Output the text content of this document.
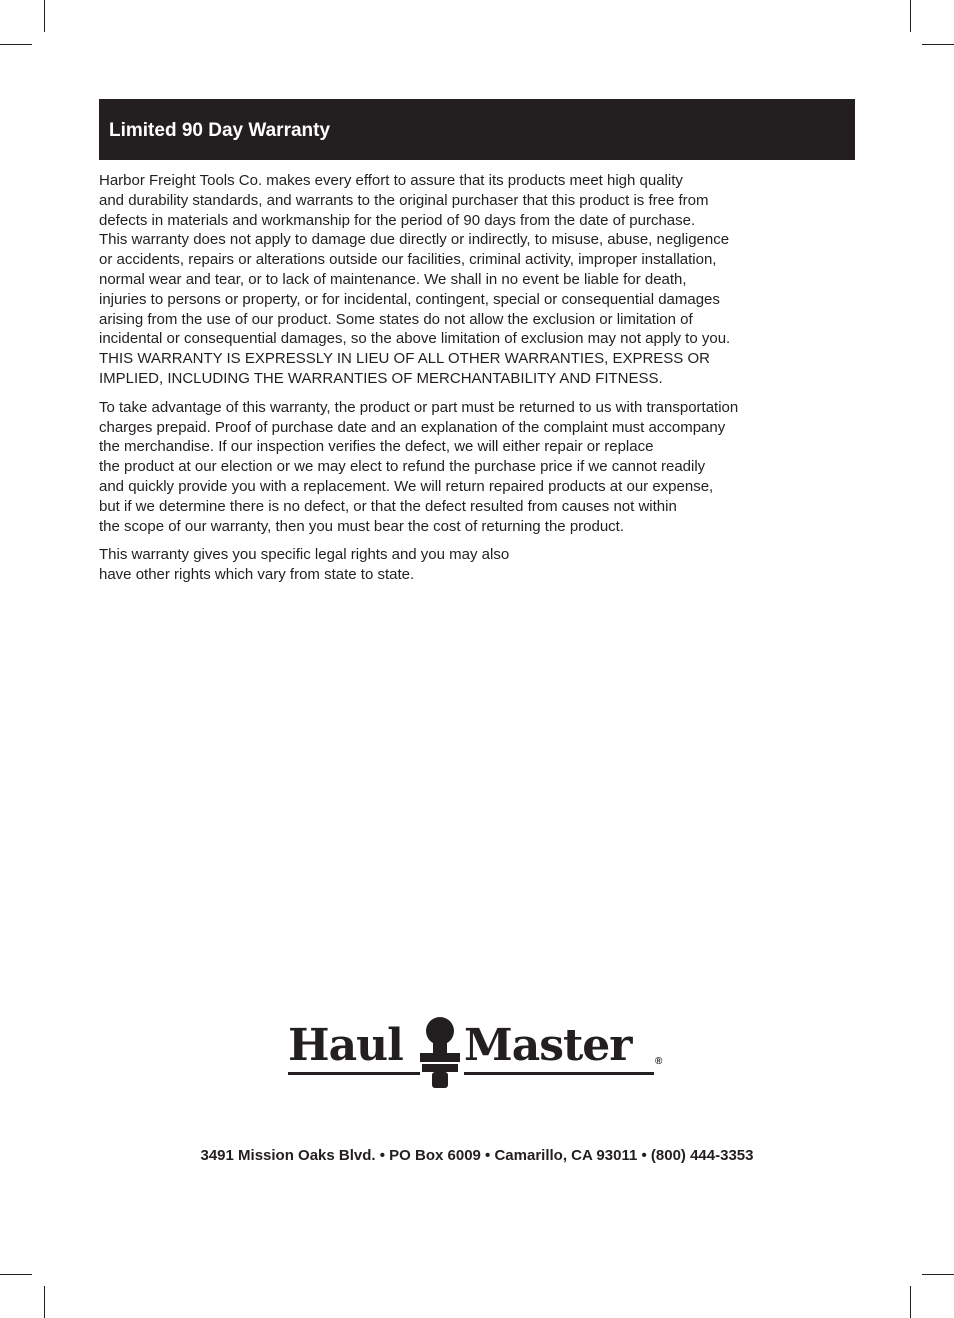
Limited 90 Day Warranty

Harbor Freight Tools Co. makes every effort to assure that its products meet high quality
and durability standards, and warrants to the original purchaser that this product is free from
defects in materials and workmanship for the period of 90 days from the date of purchase.
This warranty does not apply to damage due directly or indirectly, to misuse, abuse, negligence
or accidents, repairs or alterations outside our facilities, criminal activity, improper installation,
normal wear and tear, or to lack of maintenance. We shall in no event be liable for death,
injuries to persons or property, or for incidental, contingent, special or consequential damages
arising from the use of our product. Some states do not allow the exclusion or limitation of
incidental or consequential damages, so the above limitation of exclusion may not apply to you.
THIS WARRANTY IS EXPRESSLY IN LIEU OF ALL OTHER WARRANTIES, EXPRESS OR
IMPLIED, INCLUDING THE WARRANTIES OF MERCHANTABILITY AND FITNESS.

To take advantage of this warranty, the product or part must be returned to us with transportation
charges prepaid. Proof of purchase date and an explanation of the complaint must accompany
the merchandise. If our inspection verifies the defect, we will either repair or replace
the product at our election or we may elect to refund the purchase price if we cannot readily
and quickly provide you with a replacement. We will return repaired products at our expense,
but if we determine there is no defect, or that the defect resulted from causes not within
the scope of our warranty, then you must bear the cost of returning the product.

This warranty gives you specific legal rights and you may also
have other rights which vary from state to state.

Haul Master ®
3491 Mission Oaks Blvd. • PO Box 6009 • Camarillo, CA 93011 • (800) 444-3353
